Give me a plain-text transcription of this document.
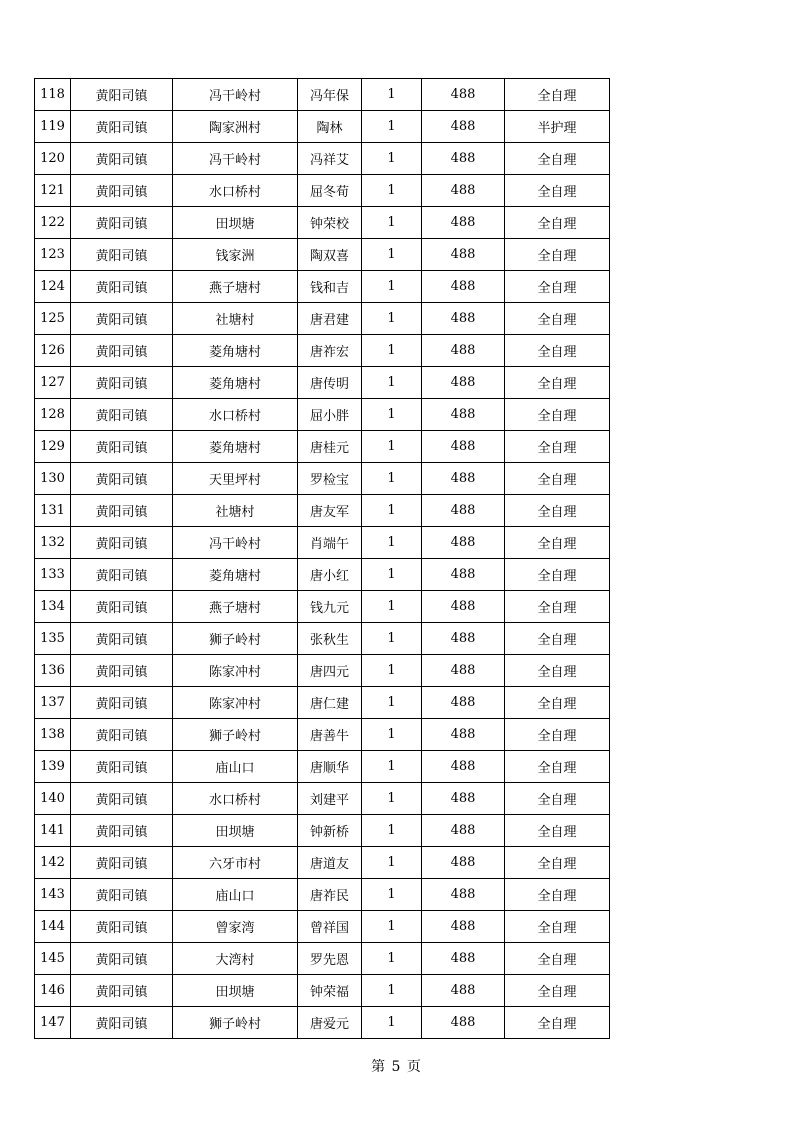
118	黄阳司镇	冯干岭村	冯年保	1	488	全自理
119	黄阳司镇	陶家洲村	陶林	1	488	半护理
120	黄阳司镇	冯干岭村	冯祥艾	1	488	全自理
121	黄阳司镇	水口桥村	屈冬荀	1	488	全自理
122	黄阳司镇	田坝塘	钟荣校	1	488	全自理
123	黄阳司镇	钱家洲	陶双喜	1	488	全自理
124	黄阳司镇	燕子塘村	钱和吉	1	488	全自理
125	黄阳司镇	社塘村	唐君建	1	488	全自理
126	黄阳司镇	菱角塘村	唐祚宏	1	488	全自理
127	黄阳司镇	菱角塘村	唐传明	1	488	全自理
128	黄阳司镇	水口桥村	屈小胖	1	488	全自理
129	黄阳司镇	菱角塘村	唐桂元	1	488	全自理
130	黄阳司镇	天里坪村	罗检宝	1	488	全自理
131	黄阳司镇	社塘村	唐友军	1	488	全自理
132	黄阳司镇	冯干岭村	肖端午	1	488	全自理
133	黄阳司镇	菱角塘村	唐小红	1	488	全自理
134	黄阳司镇	燕子塘村	钱九元	1	488	全自理
135	黄阳司镇	狮子岭村	张秋生	1	488	全自理
136	黄阳司镇	陈家冲村	唐四元	1	488	全自理
137	黄阳司镇	陈家冲村	唐仁建	1	488	全自理
138	黄阳司镇	狮子岭村	唐善牛	1	488	全自理
139	黄阳司镇	庙山口	唐顺华	1	488	全自理
140	黄阳司镇	水口桥村	刘建平	1	488	全自理
141	黄阳司镇	田坝塘	钟新桥	1	488	全自理
142	黄阳司镇	六牙市村	唐道友	1	488	全自理
143	黄阳司镇	庙山口	唐祚民	1	488	全自理
144	黄阳司镇	曾家湾	曾祥国	1	488	全自理
145	黄阳司镇	大湾村	罗先恩	1	488	全自理
146	黄阳司镇	田坝塘	钟荣福	1	488	全自理
147	黄阳司镇	狮子岭村	唐爱元	1	488	全自理
第 5 页
